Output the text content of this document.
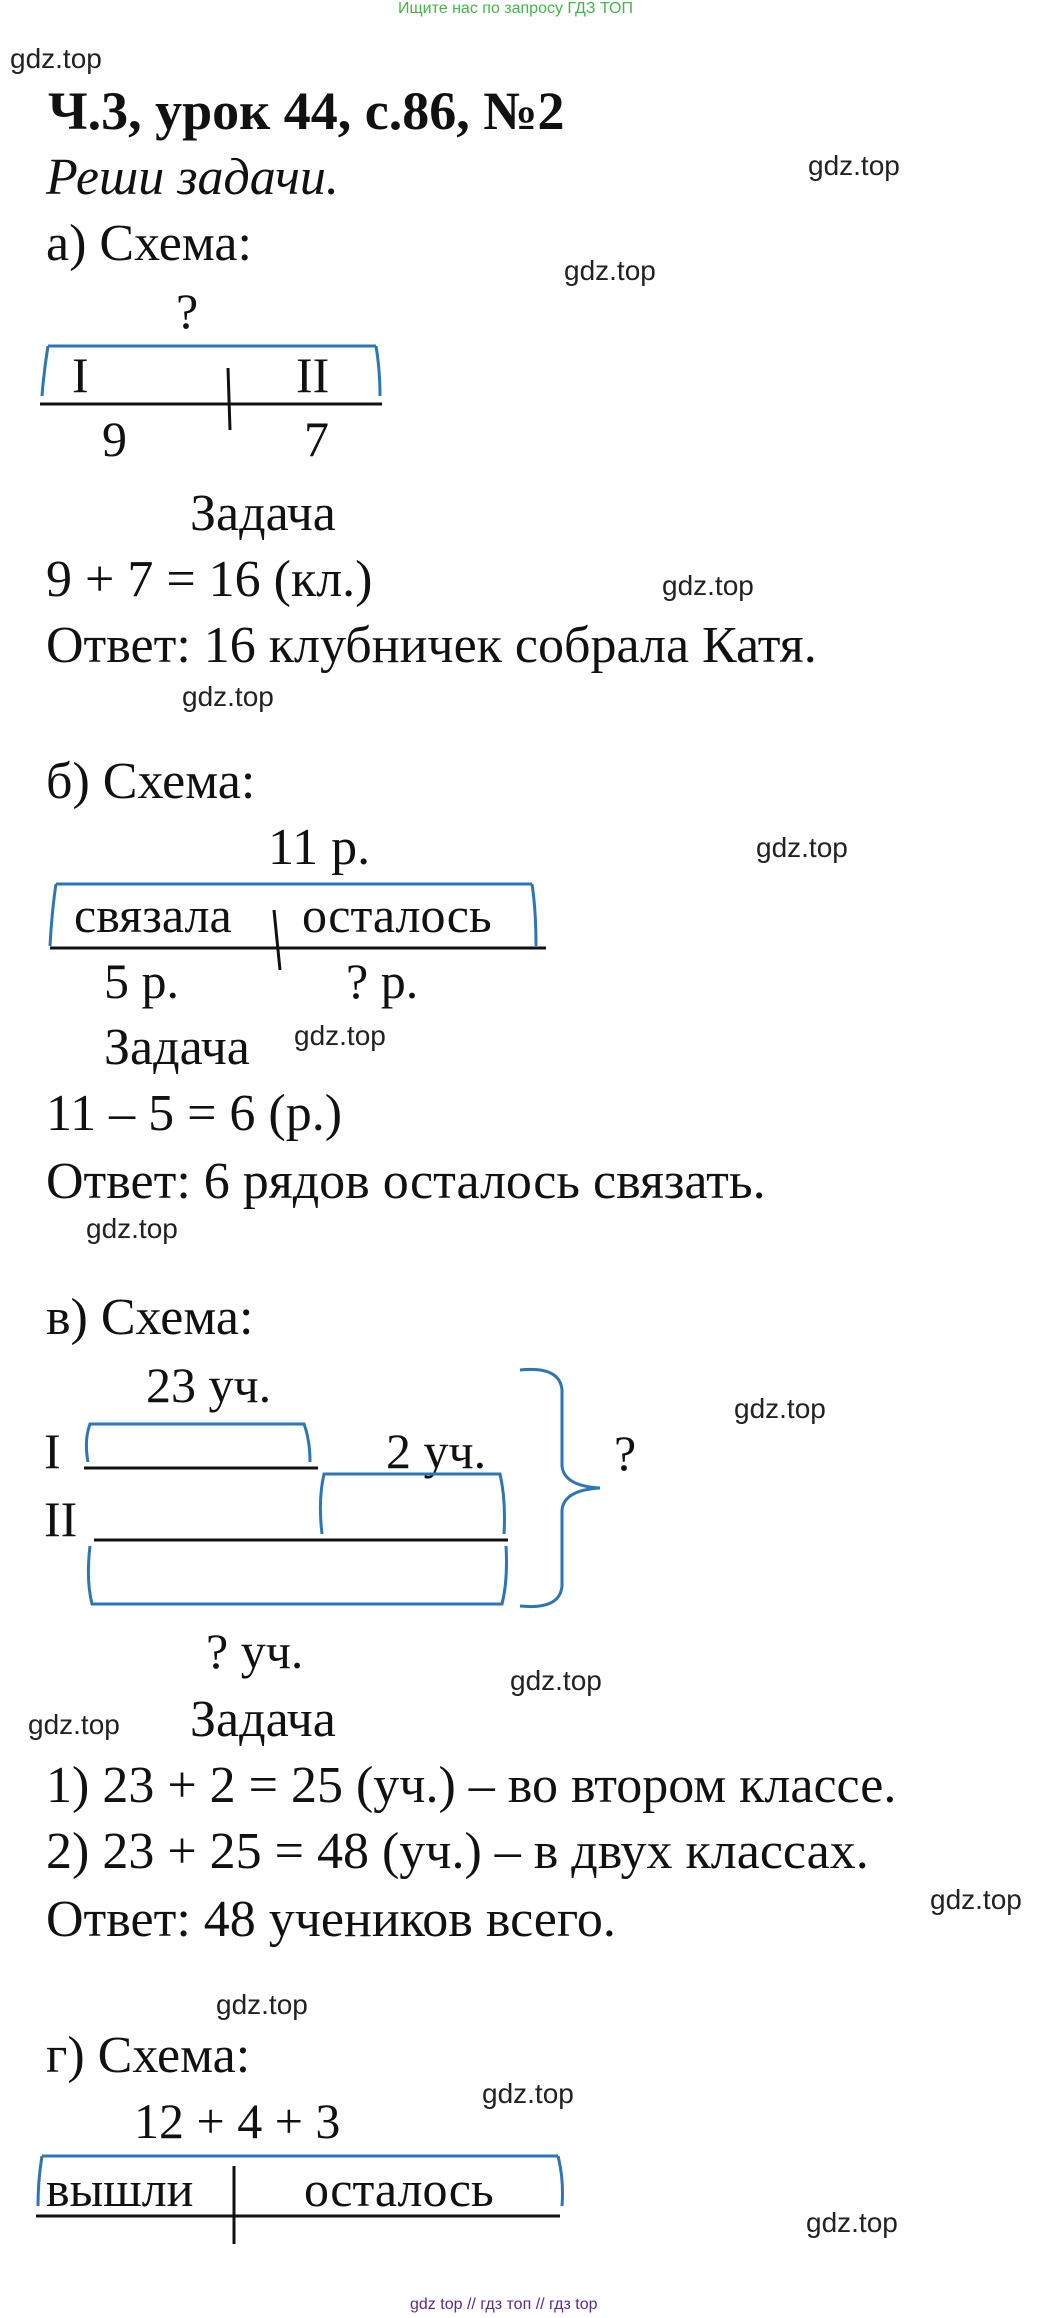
Ищите нас по запросу ГДЗ ТОП
gdz.top
gdz.top
gdz.top
gdz.top
gdz.top
gdz.top
gdz.top
gdz.top
gdz.top
gdz.top
gdz.top
gdz.top
gdz.top
gdz.top
gdz.top
Ч.3, урок 44, с.86, №2
Реши задачи.
а) Схема:
?
I	II
9	7
Задача
9 + 7 = 16 (кл.)
Ответ: 16 клубничек собрала Катя.
б) Схема:
11 р.
связала осталось
5 р.	? р.
Задача
11 – 5 = 6 (р.)
Ответ: 6 рядов осталось связать.
в) Схема:
23 уч.
I	2 уч.
II
?
? уч.
Задача
1) 23 + 2 = 25 (уч.) – во втором классе.
2) 23 + 25 = 48 (уч.) – в двух классах.
Ответ: 48 учеников всего.
г) Схема:
12 + 4 + 3
вышли осталось
gdz top // гдз топ // гдз top
